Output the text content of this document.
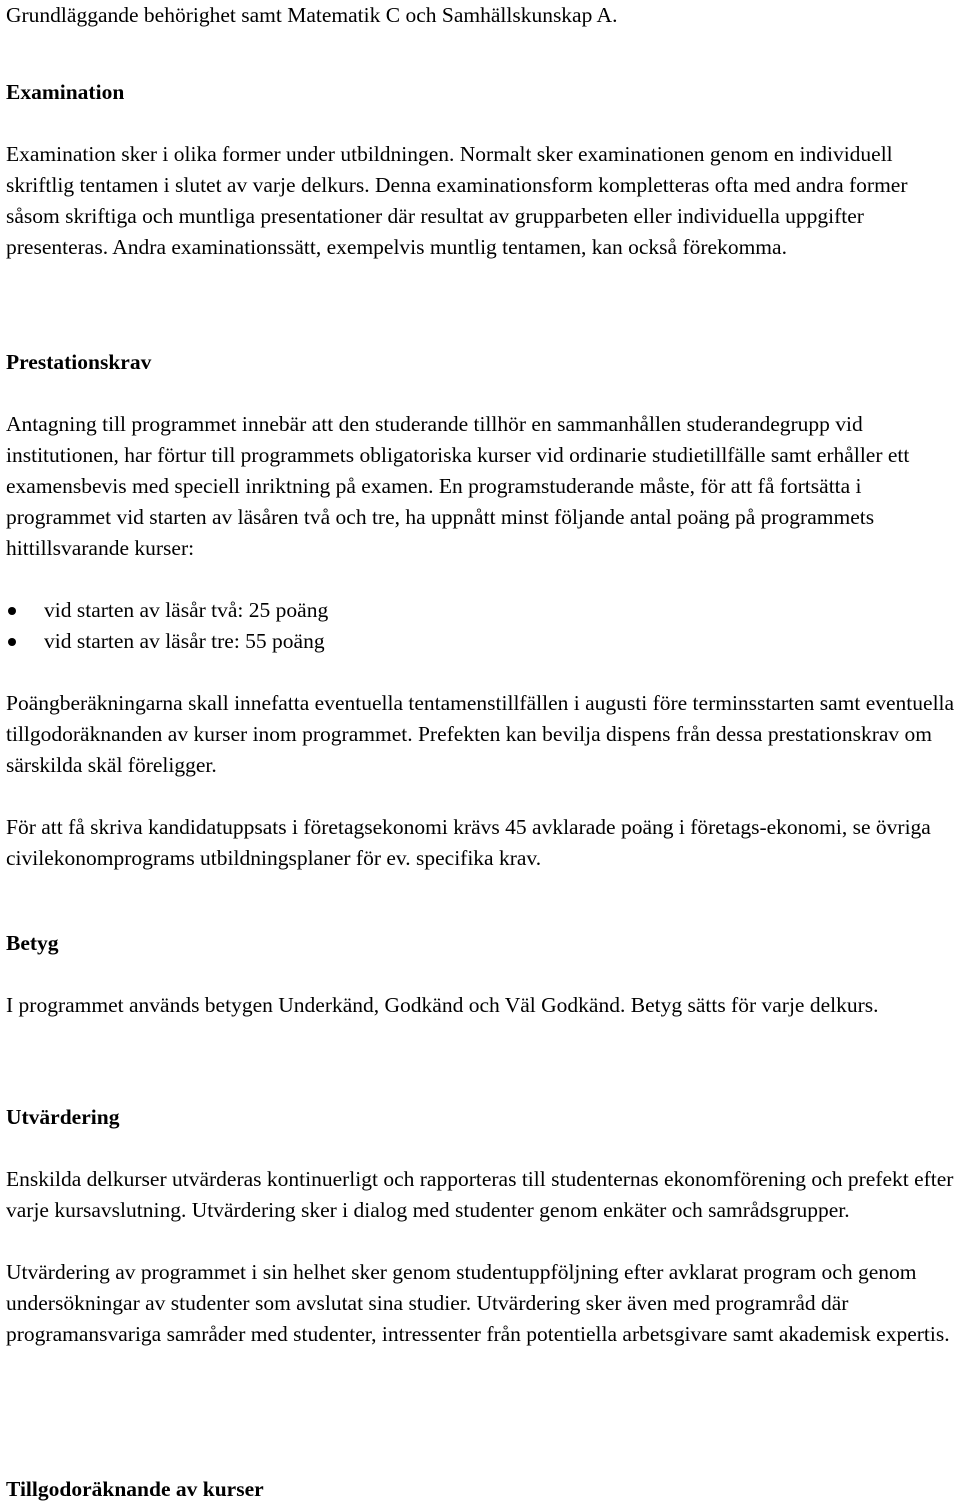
Grundläggande behörighet samt Matematik C och Samhällskunskap A.

Examination

Examination sker i olika former under utbildningen. Normalt sker examinationen genom en individuell skriftlig tentamen i slutet av varje delkurs. Denna examinationsform kompletteras ofta med andra former såsom skriftiga och muntliga presentationer där resultat av grupparbeten eller individuella uppgifter presenteras. Andra examinationssätt, exempelvis muntlig tentamen, kan också förekomma.

Prestationskrav

Antagning till programmet innebär att den studerande tillhör en sammanhållen studerandegrupp vid institutionen, har förtur till programmets obligatoriska kurser vid ordinarie studietillfälle samt erhåller ett examensbevis med speciell inriktning på examen. En programstuderande måste, för att få fortsätta i programmet vid starten av läsåren två och tre, ha uppnått minst följande antal poäng på programmets hittillsvarande kurser:

vid starten av läsår två: 25 poäng
vid starten av läsår tre: 55 poäng

Poängberäkningarna skall innefatta eventuella tentamenstillfällen i augusti före terminsstarten samt eventuella tillgodoräknanden av kurser inom programmet. Prefekten kan bevilja dispens från dessa prestationskrav om särskilda skäl föreligger.

För att få skriva kandidatuppsats i företagsekonomi krävs 45 avklarade poäng i företags-ekonomi, se övriga civilekonomprograms utbildningsplaner för ev. specifika krav.

Betyg

I programmet används betygen Underkänd, Godkänd och Väl Godkänd. Betyg sätts för varje delkurs.

Utvärdering

Enskilda delkurser utvärderas kontinuerligt och rapporteras till studenternas ekonomförening och prefekt efter varje kursavslutning. Utvärdering sker i dialog med studenter genom enkäter och samrådsgrupper.

Utvärdering av programmet i sin helhet sker genom studentuppföljning efter avklarat program och genom undersökningar av studenter som avslutat sina studier. Utvärdering sker även med programråd där programansvariga samråder med studenter, intressenter från potentiella arbetsgivare samt akademisk expertis.

Tillgodoräknande av kurser
